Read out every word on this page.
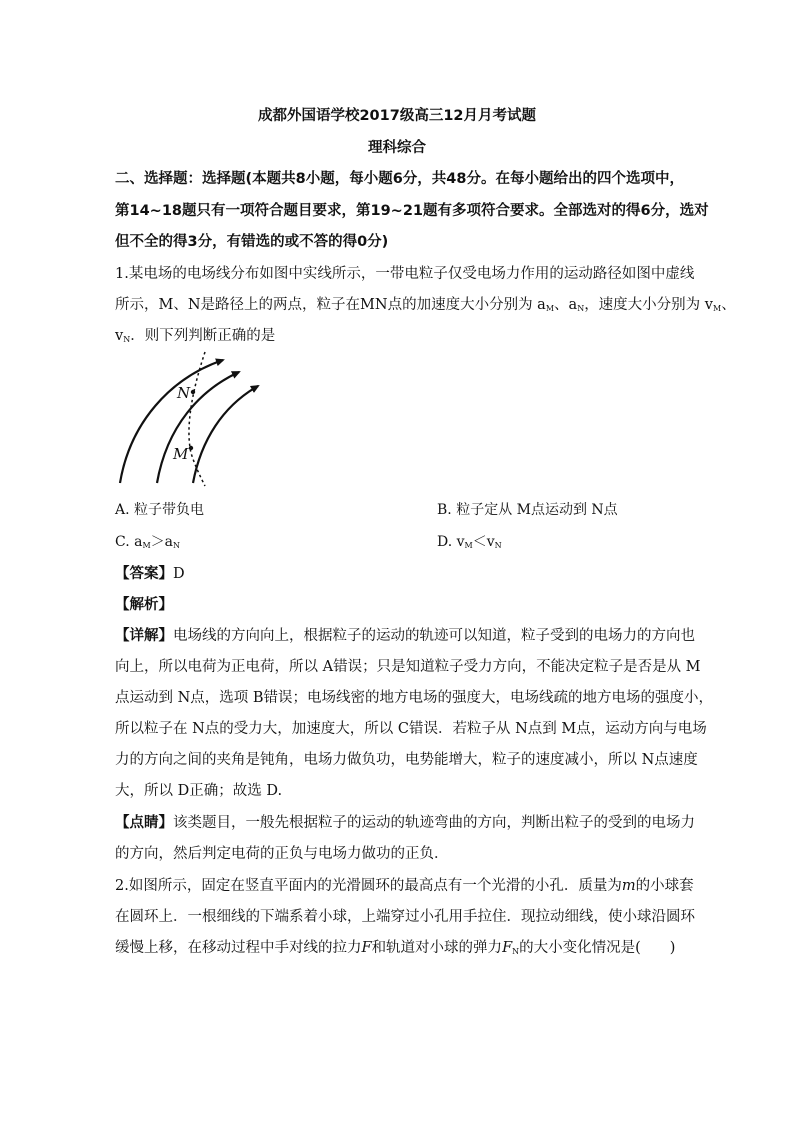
成都外国语学校2017级高三12月月考试题
理科综合
二、选择题：选择题(本题共8小题，每小题6分，共48分。在每小题给出的四个选项中，
第14~18题只有一项符合题目要求，第19~21题有多项符合要求。全部选对的得6分，选对
但不全的得3分，有错选的或不答的得0分)
1.某电场的电场线分布如图中实线所示，一带电粒子仅受电场力作用的运动路径如图中虚线
所示，M、N是路径上的两点，粒子在MN点的加速度大小分别为 $a_M$、$a_N$，速度大小分别为 $v_M$、
$v_N$．则下列判断正确的是
N
M
A. 粒子带负电	B. 粒子定从 M点运动到 N点
C. $a_M>a_N$	D. $v_M<v_N$
【答案】D
【解析】
【详解】电场线的方向向上，根据粒子的运动的轨迹可以知道，粒子受到的电场力的方向也
向上，所以电荷为正电荷，所以 A错误；只是知道粒子受力方向，不能决定粒子是否是从 M
点运动到 N点，选项 B错误；电场线密的地方电场的强度大，电场线疏的地方电场的强度小，
所以粒子在 N点的受力大，加速度大，所以 C错误．若粒子从 N点到 M点，运动方向与电场
力的方向之间的夹角是钝角，电场力做负功，电势能增大，粒子的速度减小，所以 N点速度
大，所以 D正确；故选 D.
【点睛】该类题目，一般先根据粒子的运动的轨迹弯曲的方向，判断出粒子的受到的电场力
的方向，然后判定电荷的正负与电场力做功的正负．
2.如图所示，固定在竖直平面内的光滑圆环的最高点有一个光滑的小孔．质量为m的小球套
在圆环上．一根细线的下端系着小球，上端穿过小孔用手拉住．现拉动细线，使小球沿圆环
缓慢上移，在移动过程中手对线的拉力F和轨道对小球的弹力$F_N$的大小变化情况是(　　)
